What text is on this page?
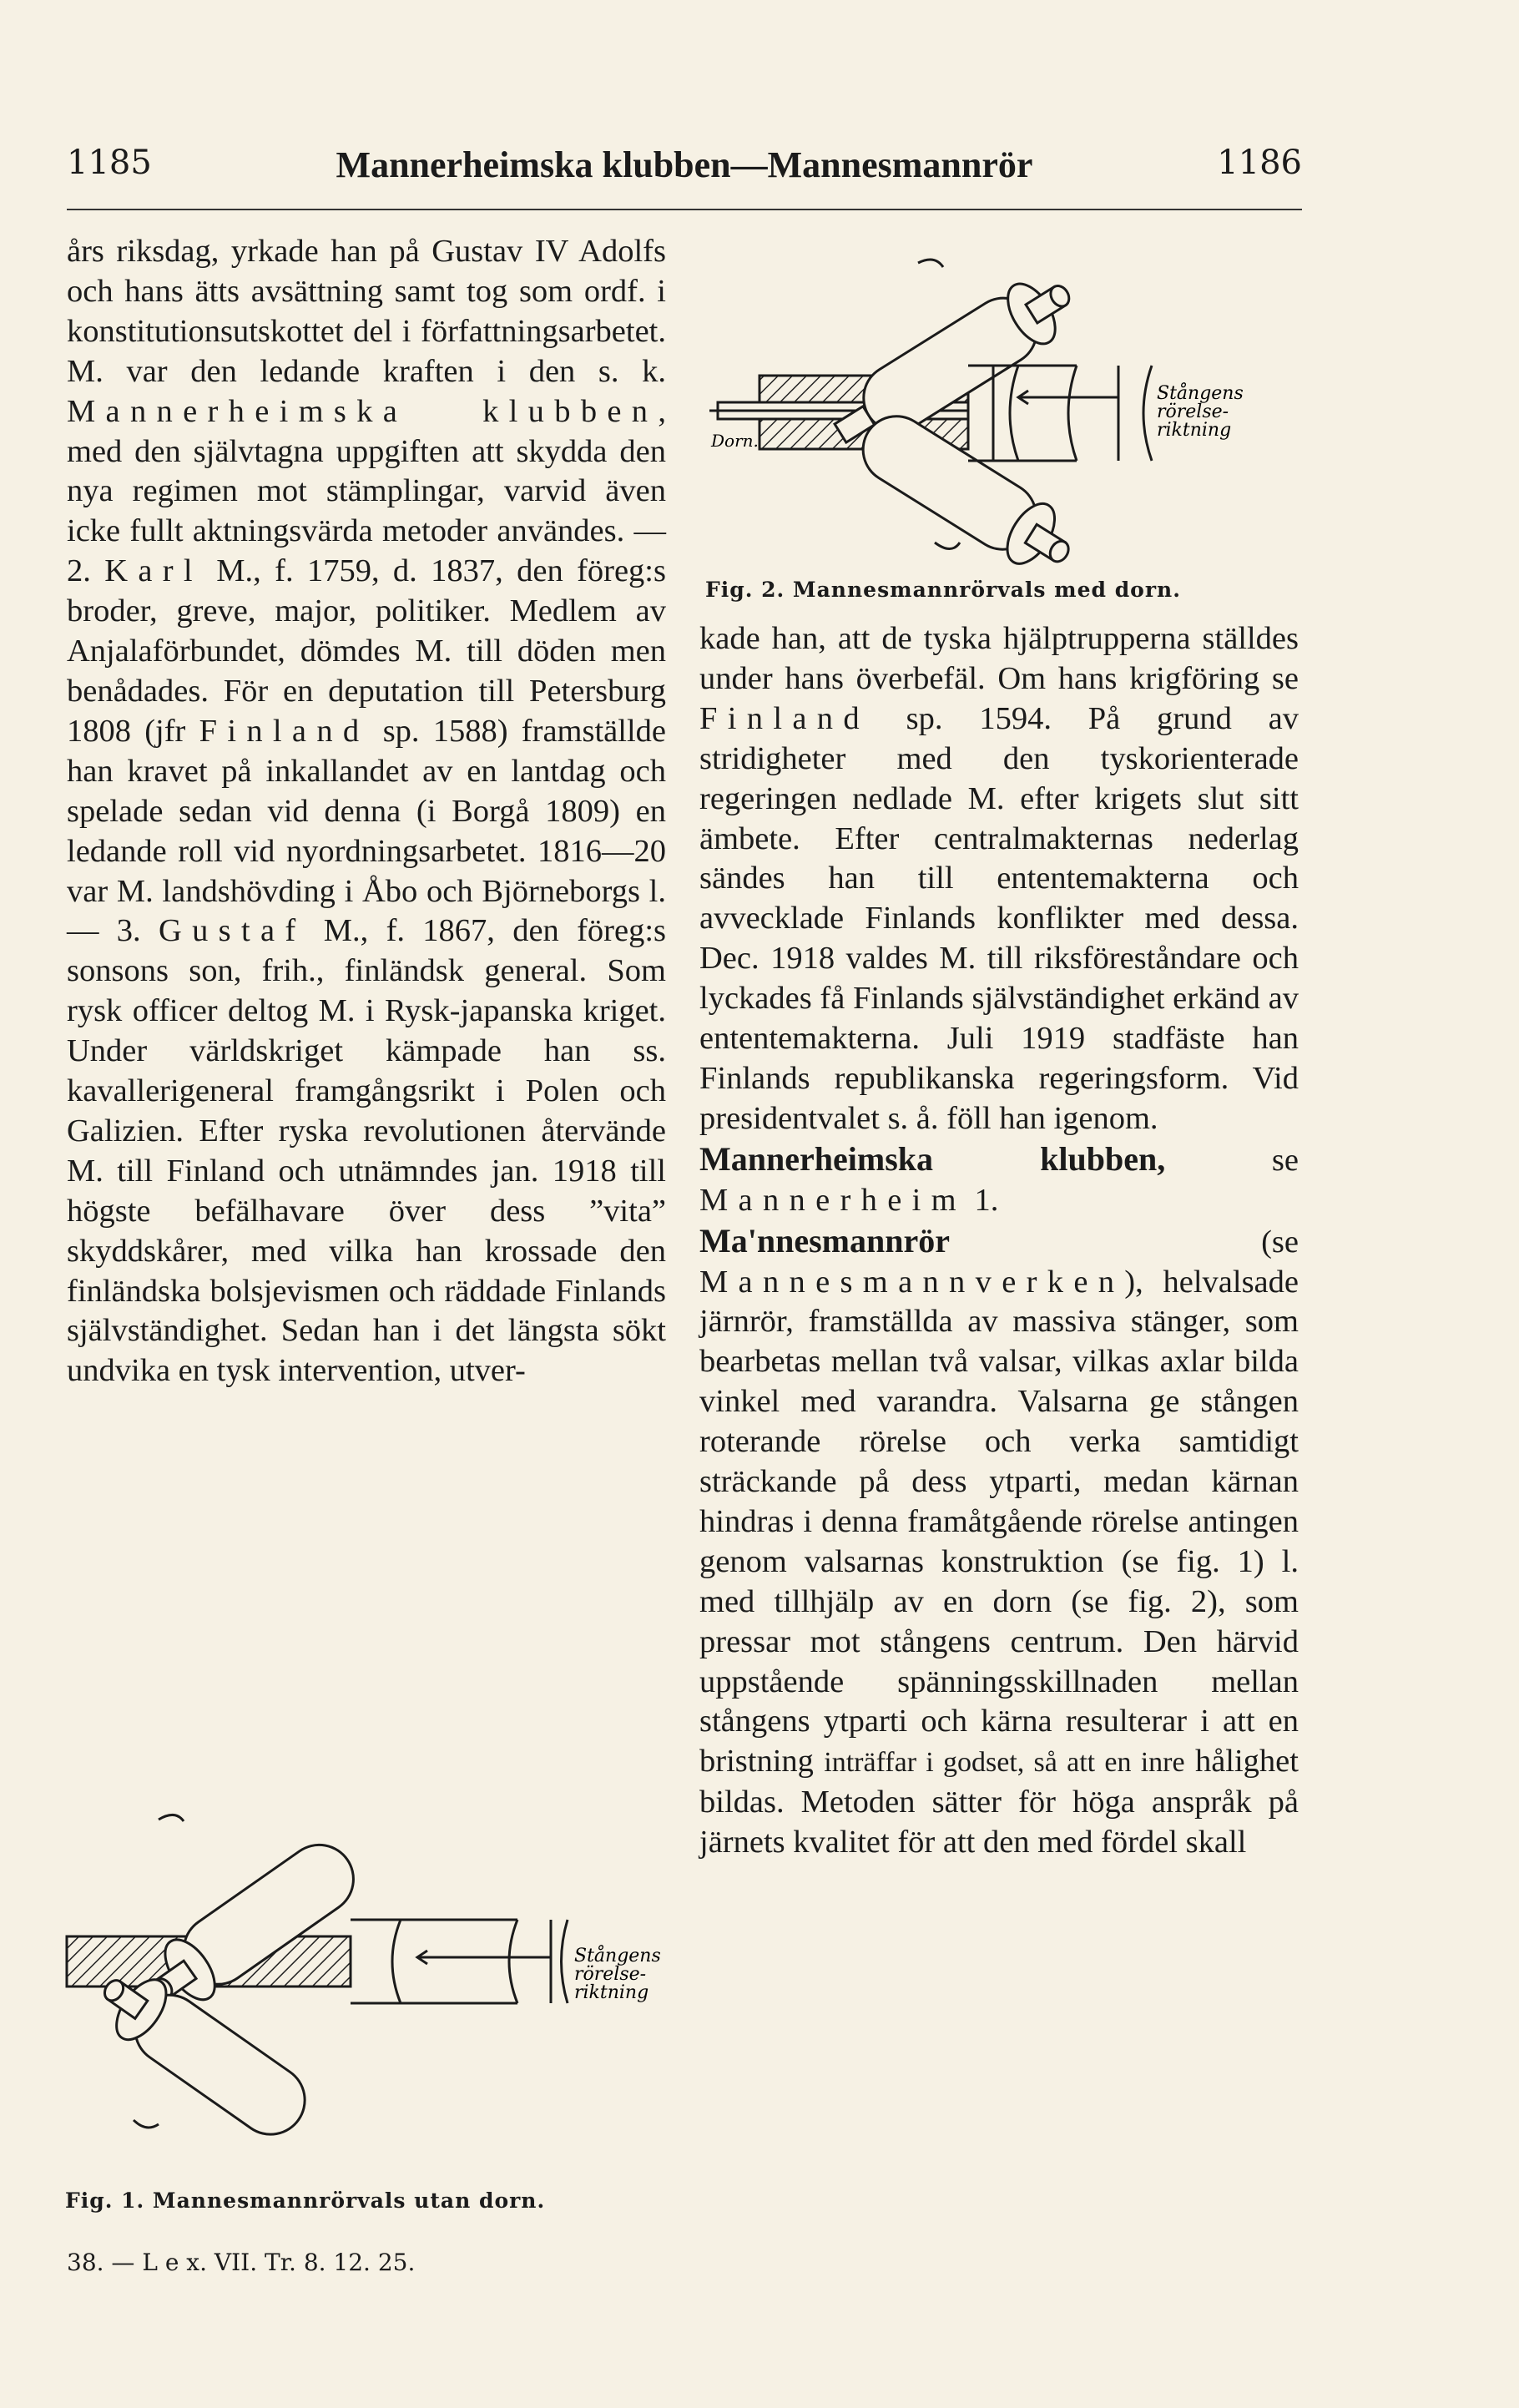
1185	Mannerheimska klubben—Mannesmannrör	1186

års riksdag, yrkade han på Gustav IV Adolfs och hans ätts avsättning samt tog som ordf. i konstitutionsutskottet del i författningsarbetet. M. var den ledande kraften i den s. k. Mannerheimska klubben, med den självtagna uppgiften att skydda den nya regimen mot stämplingar, varvid även icke fullt aktningsvärda metoder användes. — 2. Karl M., f. 1759, d. 1837, den föreg:s broder, greve, major, politiker. Medlem av Anjalaförbundet, dömdes M. till döden men benådades. För en deputation till Petersburg 1808 (jfr Finland sp. 1588) framställde han kravet på inkallandet av en lantdag och spelade sedan vid denna (i Borgå 1809) en ledande roll vid nyordningsarbetet. 1816—20 var M. landshövding i Åbo och Björneborgs l. — 3. Gustaf M., f. 1867, den föreg:s sonsons son, frih., finländsk general. Som rysk officer deltog M. i Rysk-japanska kriget. Under världskriget kämpade han ss. kavallerigeneral framgångsrikt i Polen och Galizien. Efter ryska revolutionen återvände M. till Finland och utnämndes jan. 1918 till högste befälhavare över dess ”vita” skyddskårer, med vilka han krossade den finländska bolsjevismen och räddade Finlands självständighet. Sedan han i det längsta sökt undvika en tysk intervention, utver-

Dorn.
Stångens
rörelse-
riktning
Fig. 2. Mannesmannrörvals med dorn.

kade han, att de tyska hjälptrupperna ställdes under hans överbefäl. Om hans krigföring se Finland sp. 1594. På grund av stridigheter med den tyskorienterade regeringen nedlade M. efter krigets slut sitt ämbete. Efter centralmakternas nederlag sändes han till ententemakterna och avvecklade Finlands konflikter med dessa. Dec. 1918 valdes M. till riksföreståndare och lyckades få Finlands självständighet erkänd av ententemakterna. Juli 1919 stadfäste han Finlands republikanska regeringsform. Vid presidentvalet s. å. föll han igenom.

Mannerheimska klubben, se Mannerheim 1.

Ma'nnesmannrör (se Mannesmannverken), helvalsade järnrör, framställda av massiva stänger, som bearbetas mellan två valsar, vilkas axlar bilda vinkel med varandra. Valsarna ge stången roterande rörelse och verka samtidigt sträckande på dess ytparti, medan kärnan hindras i denna framåtgående rörelse antingen genom valsarnas konstruktion (se fig. 1) l. med tillhjälp av en dorn (se fig. 2), som pressar mot stångens centrum. Den härvid uppstående spänningsskillnaden mellan stångens ytparti och kärna resulterar i att en bristning inträffar i godset, så att en inre hålighet bildas. Metoden sätter för höga anspråk på järnets kvalitet för att den med fördel skall

Stångens
rörelse-
riktning
Fig. 1. Mannesmannrörvals utan dorn.
38. — L e x. VII. Tr. 8. 12. 25.
